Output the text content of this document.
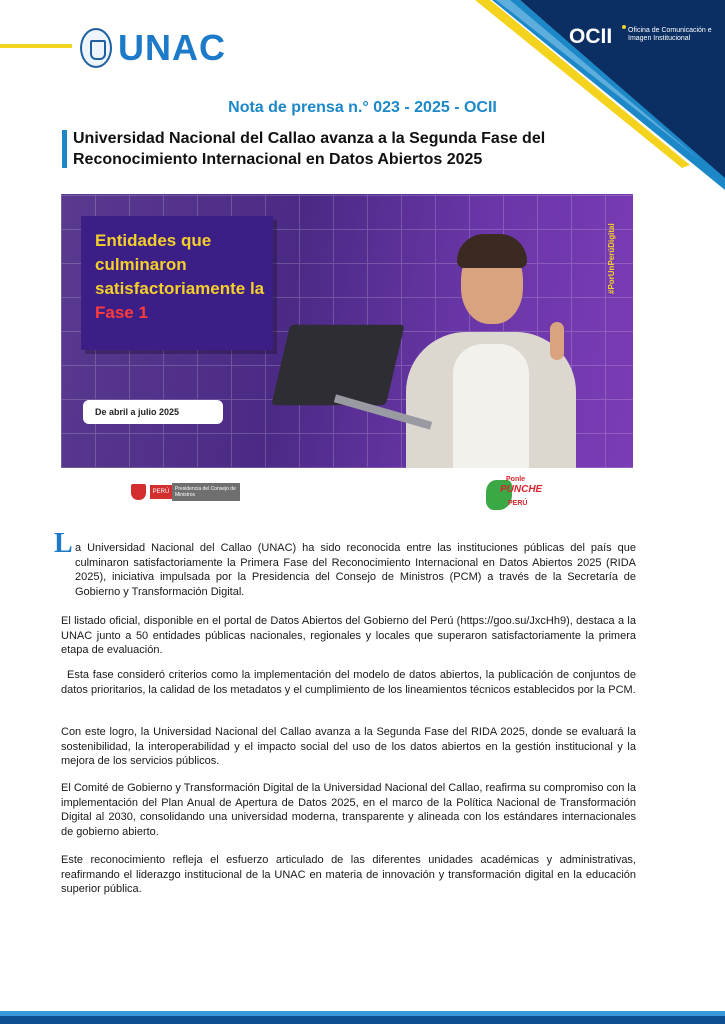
UNAC	OCII Oficina de Comunicación e Imagen Institucional
Nota de prensa n.° 023 - 2025 - OCII
Universidad Nacional del Callao avanza a la Segunda Fase del Reconocimiento Internacional en Datos Abiertos 2025
Entidades que culminaron satisfactoriamente la Fase 1
De abril a julio 2025
#PorUnPerúDigital
PERÚ	Presidencia del Consejo de Ministros
Ponle
PUNCHE
PERÚ
L a Universidad Nacional del Callao (UNAC) ha sido reconocida entre las instituciones públicas del país que culminaron satisfactoriamente la Primera Fase del Reconocimiento Internacional en Datos Abiertos 2025 (RIDA 2025), iniciativa impulsada por la Presidencia del Consejo de Ministros (PCM) a través de la Secretaría de Gobierno y Transformación Digital.
El listado oficial, disponible en el portal de Datos Abiertos del Gobierno del Perú (https://goo.su/JxcHh9), destaca a la UNAC junto a 50 entidades públicas nacionales, regionales y locales que superaron satisfactoriamente la primera etapa de evaluación.
Esta fase consideró criterios como la implementación del modelo de datos abiertos, la publicación de conjuntos de datos prioritarios, la calidad de los metadatos y el cumplimiento de los lineamientos técnicos establecidos por la PCM.
Con este logro, la Universidad Nacional del Callao avanza a la Segunda Fase del RIDA 2025, donde se evaluará la sostenibilidad, la interoperabilidad y el impacto social del uso de los datos abiertos en la gestión institucional y la mejora de los servicios públicos.
El Comité de Gobierno y Transformación Digital de la Universidad Nacional del Callao, reafirma su compromiso con la implementación del Plan Anual de Apertura de Datos 2025, en el marco de la Política Nacional de Transformación Digital al 2030, consolidando una universidad moderna, transparente y alineada con los estándares internacionales de gobierno abierto.
Este reconocimiento refleja el esfuerzo articulado de las diferentes unidades académicas y administrativas, reafirmando el liderazgo institucional de la UNAC en materia de innovación y transformación digital en la educación superior pública.
